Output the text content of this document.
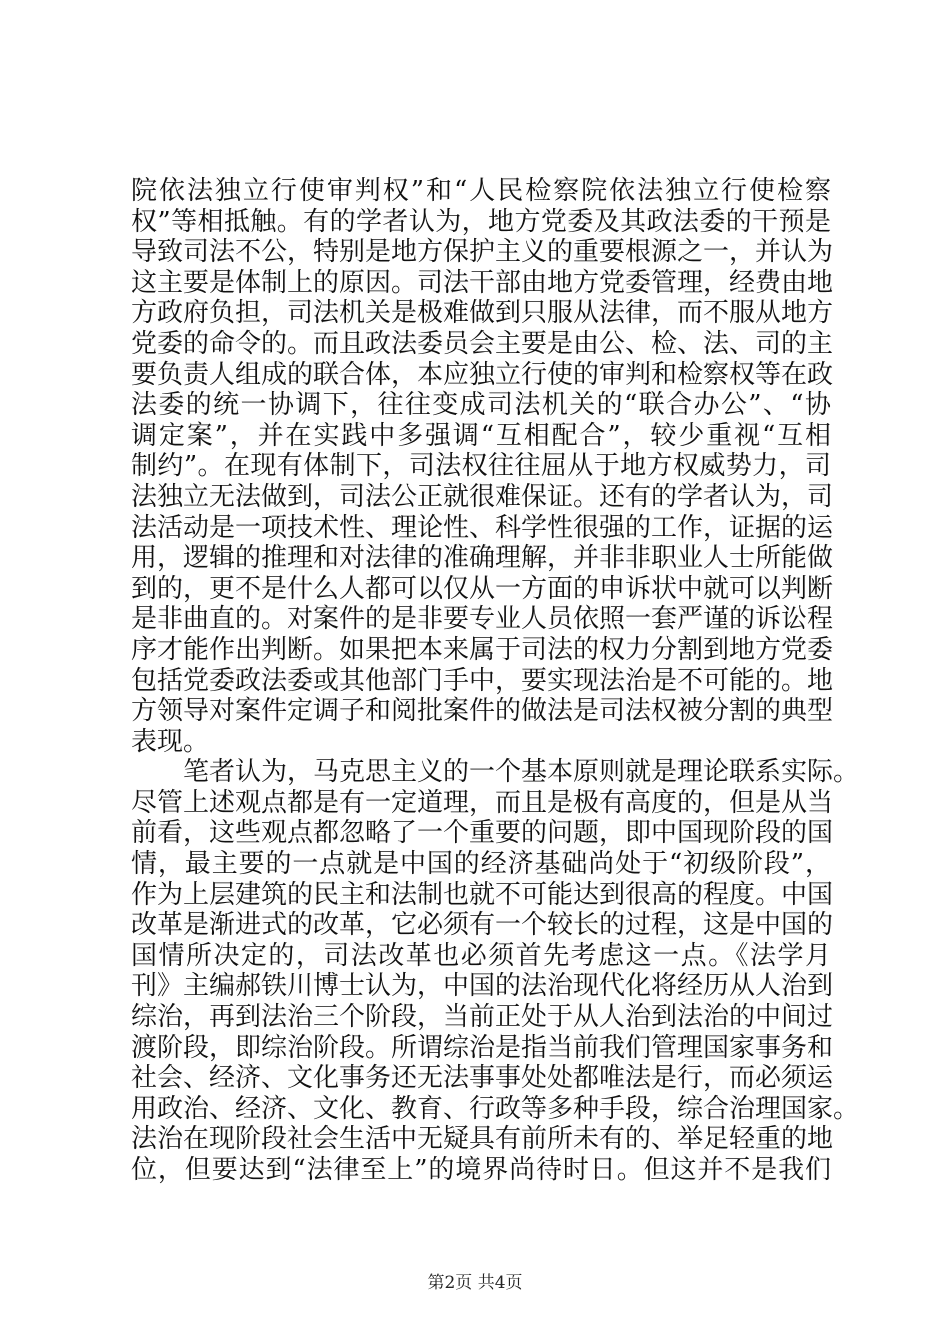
院依法独立行使审判权”和“人民检察院依法独立行使检察
权”等相抵触。有的学者认为，地方党委及其政法委的干预是
导致司法不公，特别是地方保护主义的重要根源之一，并认为
这主要是体制上的原因。司法干部由地方党委管理，经费由地
方政府负担，司法机关是极难做到只服从法律，而不服从地方
党委的命令的。而且政法委员会主要是由公、检、法、司的主
要负责人组成的联合体，本应独立行使的审判和检察权等在政
法委的统一协调下，往往变成司法机关的“联合办公”、“协
调定案”，并在实践中多强调“互相配合”，较少重视“互相
制约”。在现有体制下，司法权往往屈从于地方权威势力，司
法独立无法做到，司法公正就很难保证。还有的学者认为，司
法活动是一项技术性、理论性、科学性很强的工作，证据的运
用，逻辑的推理和对法律的准确理解，并非非职业人士所能做
到的，更不是什么人都可以仅从一方面的申诉状中就可以判断
是非曲直的。对案件的是非要专业人员依照一套严谨的诉讼程
序才能作出判断。如果把本来属于司法的权力分割到地方党委
包括党委政法委或其他部门手中，要实现法治是不可能的。地
方领导对案件定调子和阅批案件的做法是司法权被分割的典型
表现。
笔者认为，马克思主义的一个基本原则就是理论联系实际。
尽管上述观点都是有一定道理，而且是极有高度的，但是从当
前看，这些观点都忽略了一个重要的问题，即中国现阶段的国
情，最主要的一点就是中国的经济基础尚处于“初级阶段”，
作为上层建筑的民主和法制也就不可能达到很高的程度。中国
改革是渐进式的改革，它必须有一个较长的过程，这是中国的
国情所决定的，司法改革也必须首先考虑这一点。《法学月
刊》主编郝铁川博士认为，中国的法治现代化将经历从人治到
综治，再到法治三个阶段，当前正处于从人治到法治的中间过
渡阶段，即综治阶段。所谓综治是指当前我们管理国家事务和
社会、经济、文化事务还无法事事处处都唯法是行，而必须运
用政治、经济、文化、教育、行政等多种手段，综合治理国家。
法治在现阶段社会生活中无疑具有前所未有的、举足轻重的地
位，但要达到“法律至上”的境界尚待时日。但这并不是我们
第2页 共4页
